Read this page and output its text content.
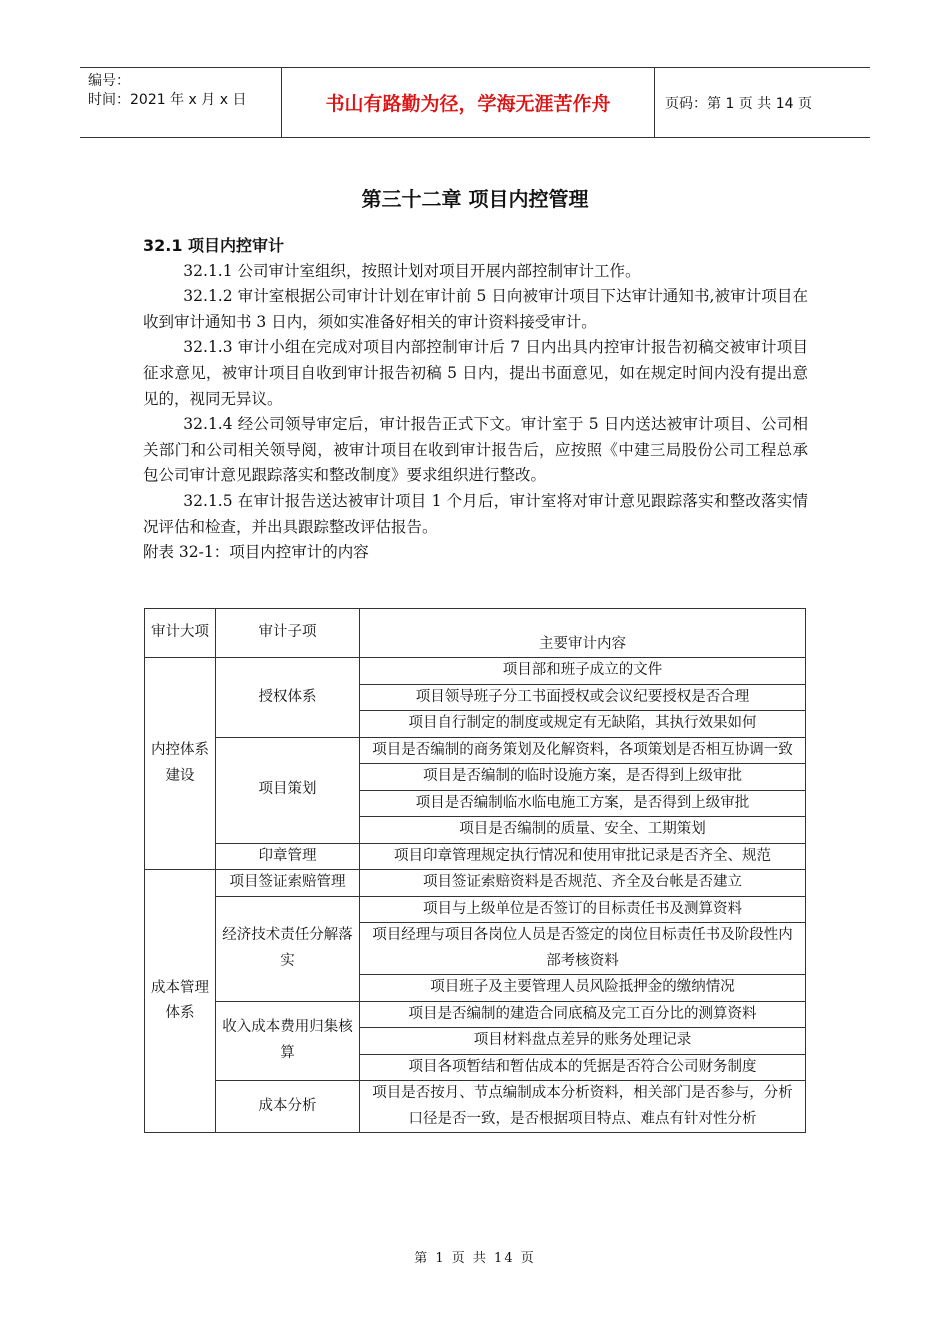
编号：
时间：2021 年 x 月 x 日	书山有路勤为径，学海无涯苦作舟	页码：第 1 页 共 14 页
第三十二章 项目内控管理
32.1 项目内控审计

32.1.1 公司审计室组织，按照计划对项目开展内部控制审计工作。

32.1.2 审计室根据公司审计计划在审计前 5 日向被审计项目下达审计通知书,被审计项目在收到审计通知书 3 日内，须如实准备好相关的审计资料接受审计。

32.1.3 审计小组在完成对项目内部控制审计后 7 日内出具内控审计报告初稿交被审计项目征求意见，被审计项目自收到审计报告初稿 5 日内，提出书面意见，如在规定时间内没有提出意见的，视同无异议。

32.1.4 经公司领导审定后，审计报告正式下文。审计室于 5 日内送达被审计项目、公司相关部门和公司相关领导阅，被审计项目在收到审计报告后，应按照《中建三局股份公司工程总承包公司审计意见跟踪落实和整改制度》要求组织进行整改。

32.1.5 在审计报告送达被审计项目 1 个月后，审计室将对审计意见跟踪落实和整改落实情况评估和检查，并出具跟踪整改评估报告。

附表 32-1：项目内控审计的内容

审计大项	审计子项	主要审计内容
内控体系建设	授权体系	项目部和班子成立的文件
		项目领导班子分工书面授权或会议纪要授权是否合理
		项目自行制定的制度或规定有无缺陷，其执行效果如何
	项目策划	项目是否编制的商务策划及化解资料，各项策划是否相互协调一致
		项目是否编制的临时设施方案，是否得到上级审批
		项目是否编制临水临电施工方案，是否得到上级审批
		项目是否编制的质量、安全、工期策划
	印章管理	项目印章管理规定执行情况和使用审批记录是否齐全、规范
成本管理体系	项目签证索赔管理	项目签证索赔资料是否规范、齐全及台帐是否建立
	经济技术责任分解落实	项目与上级单位是否签订的目标责任书及测算资料
		项目经理与项目各岗位人员是否签定的岗位目标责任书及阶段性内部考核资料
		项目班子及主要管理人员风险抵押金的缴纳情况
	收入成本费用归集核算	项目是否编制的建造合同底稿及完工百分比的测算资料
		项目材料盘点差异的账务处理记录
		项目各项暂结和暂估成本的凭据是否符合公司财务制度
	成本分析	项目是否按月、节点编制成本分析资料，相关部门是否参与，分析口径是否一致，是否根据项目特点、难点有针对性分析
第 1 页 共 14 页
